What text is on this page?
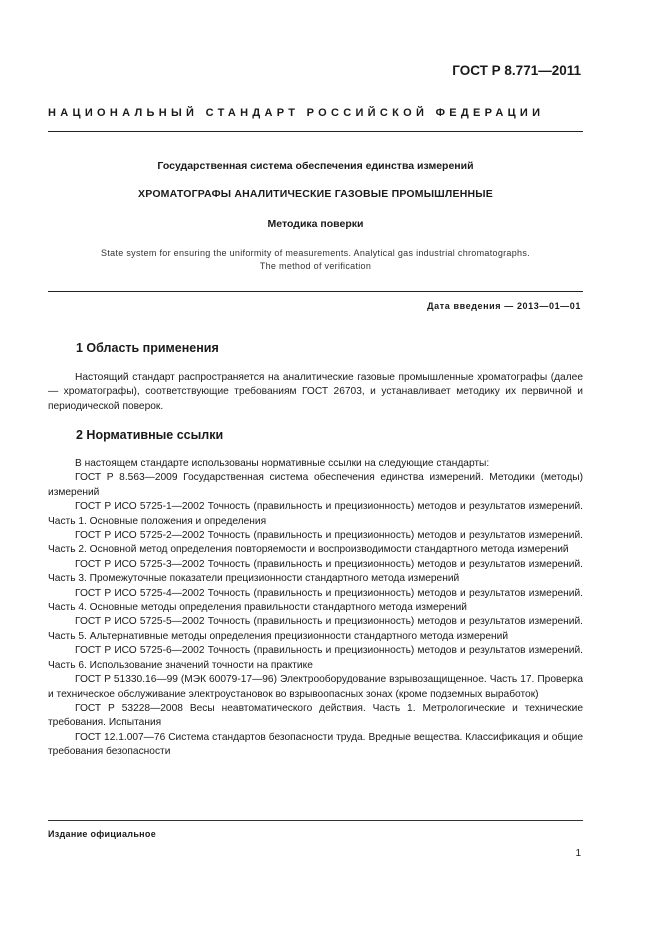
ГОСТ Р 8.771—2011
НАЦИОНАЛЬНЫЙ СТАНДАРТ РОССИЙСКОЙ ФЕДЕРАЦИИ
Государственная система обеспечения единства измерений
ХРОМАТОГРАФЫ АНАЛИТИЧЕСКИЕ ГАЗОВЫЕ ПРОМЫШЛЕННЫЕ
Методика поверки
State system for ensuring the uniformity of measurements. Analytical gas industrial chromatographs.
The method of verification
Дата введения — 2013—01—01
1 Область применения

Настоящий стандарт распространяется на аналитические газовые промышленные хроматографы (далее — хроматографы), соответствующие требованиям ГОСТ 26703, и устанавливает методику их первичной и периодической поверок.

2 Нормативные ссылки

В настоящем стандарте использованы нормативные ссылки на следующие стандарты:

ГОСТ Р 8.563—2009 Государственная система обеспечения единства измерений. Методики (методы) измерений

ГОСТ Р ИСО 5725-1—2002 Точность (правильность и прецизионность) методов и результатов измерений. Часть 1. Основные положения и определения

ГОСТ Р ИСО 5725-2—2002 Точность (правильность и прецизионность) методов и результатов измерений. Часть 2. Основной метод определения повторяемости и воспроизводимости стандартного метода измерений

ГОСТ Р ИСО 5725-3—2002 Точность (правильность и прецизионность) методов и результатов измерений. Часть 3. Промежуточные показатели прецизионности стандартного метода измерений

ГОСТ Р ИСО 5725-4—2002 Точность (правильность и прецизионность) методов и результатов измерений. Часть 4. Основные методы определения правильности стандартного метода измерений

ГОСТ Р ИСО 5725-5—2002 Точность (правильность и прецизионность) методов и результатов измерений. Часть 5. Альтернативные методы определения прецизионности стандартного метода измерений

ГОСТ Р ИСО 5725-6—2002 Точность (правильность и прецизионность) методов и результатов измерений. Часть 6. Использование значений точности на практике

ГОСТ Р 51330.16—99 (МЭК 60079-17—96) Электрооборудование взрывозащищенное. Часть 17. Проверка и техническое обслуживание электроустановок во взрывоопасных зонах (кроме подземных выработок)

ГОСТ Р 53228—2008 Весы неавтоматического действия. Часть 1. Метрологические и технические требования. Испытания

ГОСТ 12.1.007—76 Система стандартов безопасности труда. Вредные вещества. Классификация и общие требования безопасности

Издание официальное
1
